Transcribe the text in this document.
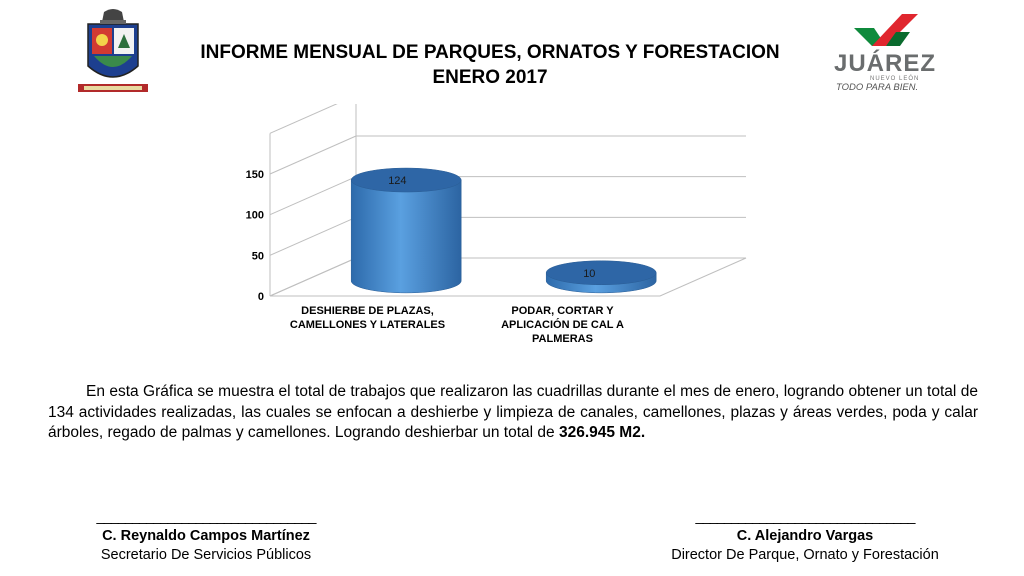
JUÁREZ
NUEVO LEÓN
TODO PARA BIEN.
INFORME MENSUAL DE PARQUES, ORNATOS Y FORESTACION
ENERO 2017
0
50
100
150
124
DESHIERBE DE PLAZAS,
CAMELLONES Y LATERALES
10
PODAR, CORTAR Y
APLICACIÓN DE CAL A
PALMERAS
En esta Gráfica se muestra el total de trabajos que realizaron las cuadrillas durante el mes de enero, logrando obtener un total de 134 actividades realizadas, las cuales se enfocan a deshierbe y limpieza de canales, camellones, plazas y áreas verdes, poda y calar árboles, regado de palmas y camellones. Logrando deshierbar un total de 326.945 M2.
_______________________________
C. Reynaldo Campos Martínez
Secretario De Servicios Públicos
_______________________________
C. Alejandro Vargas
Director De Parque, Ornato y Forestación
